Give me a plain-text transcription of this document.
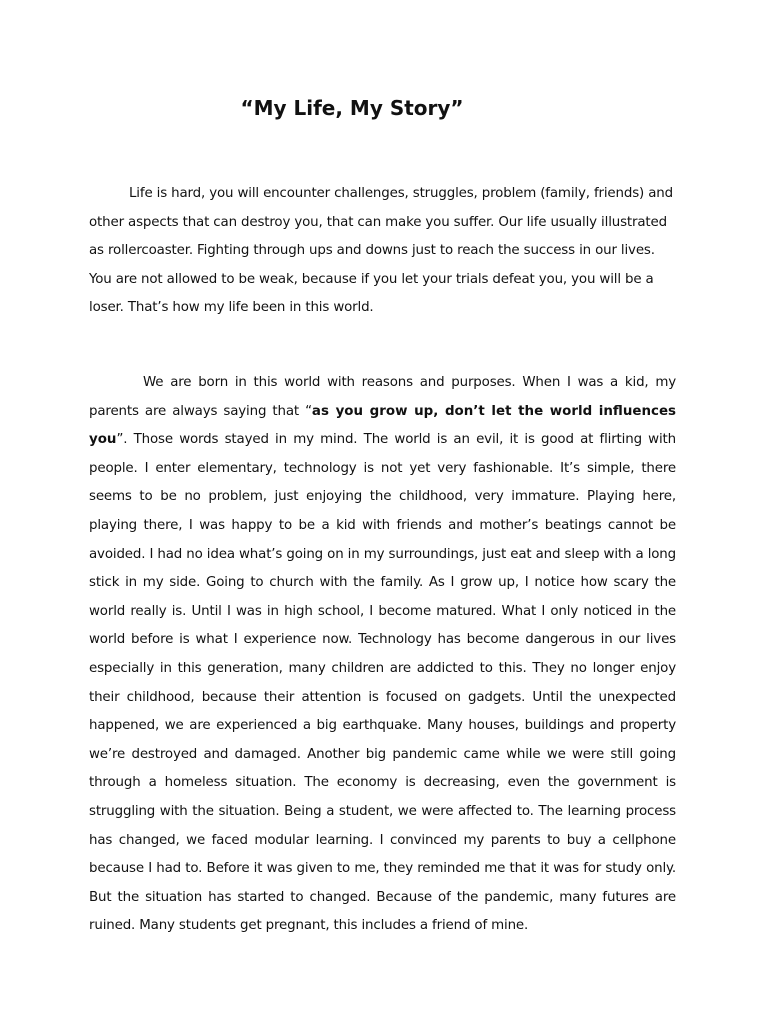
“My Life, My Story”

Life is hard, you will encounter challenges, struggles, problem (family, friends) and other aspects that can destroy you, that can make you suffer. Our life usually illustrated as rollercoaster. Fighting through ups and downs just to reach the success in our lives. You are not allowed to be weak, because if you let your trials defeat you, you will be a loser. That’s how my life been in this world.

We are born in this world with reasons and purposes. When I was a kid, my parents are always saying that “as you grow up, don’t let the world influences you”. Those words stayed in my mind. The world is an evil, it is good at flirting with people. I enter elementary, technology is not yet very fashionable. It’s simple, there seems to be no problem, just enjoying the childhood, very immature. Playing here, playing there, I was happy to be a kid with friends and mother’s beatings cannot be avoided. I had no idea what’s going on in my surroundings, just eat and sleep with a long stick in my side. Going to church with the family. As I grow up, I notice how scary the world really is. Until I was in high school, I become matured. What I only noticed in the world before is what I experience now. Technology has become dangerous in our lives especially in this generation, many children are addicted to this. They no longer enjoy their childhood, because their attention is focused on gadgets. Until the unexpected happened, we are experienced a big earthquake. Many houses, buildings and property we’re destroyed and damaged. Another big pandemic came while we were still going through a homeless situation. The economy is decreasing, even the government is struggling with the situation. Being a student, we were affected to. The learning process has changed, we faced modular learning. I convinced my parents to buy a cellphone because I had to. Before it was given to me, they reminded me that it was for study only. But the situation has started to changed. Because of the pandemic, many futures are ruined. Many students get pregnant, this includes a friend of mine.
